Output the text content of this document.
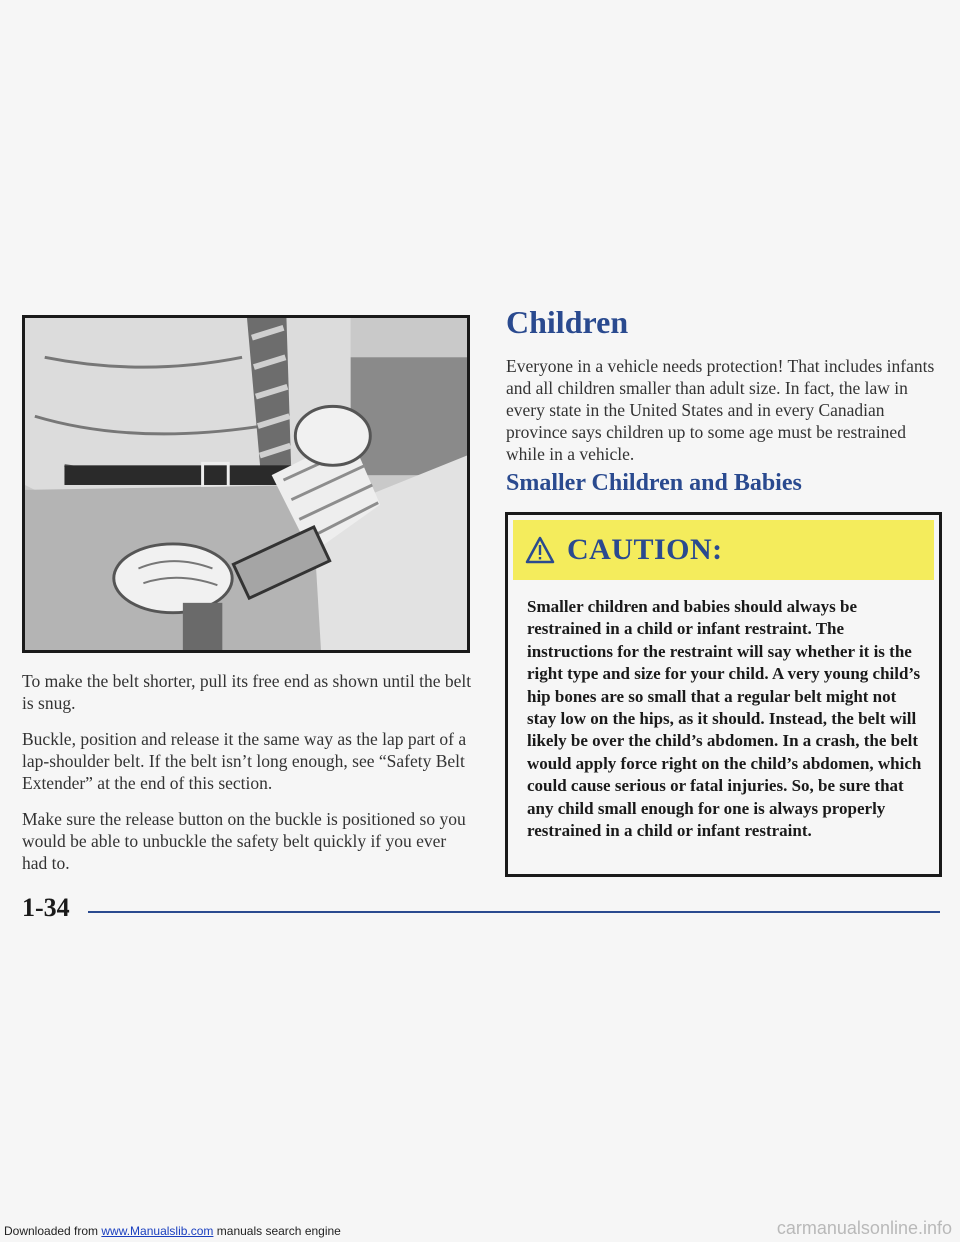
To make the belt shorter, pull its free end as shown until the belt is snug.

Buckle, position and release it the same way as the lap part of a lap-shoulder belt. If the belt isn’t long enough, see “Safety Belt Extender” at the end of this section.

Make sure the release button on the buckle is positioned so you would be able to unbuckle the safety belt quickly if you ever had to.

Children

Everyone in a vehicle needs protection! That includes infants and all children smaller than adult size. In fact, the law in every state in the United States and in every Canadian province says children up to some age must be restrained while in a vehicle.

Smaller Children and Babies
CAUTION:

Smaller children and babies should always be restrained in a child or infant restraint. The instructions for the restraint will say whether it is the right type and size for your child. A very young child’s hip bones are so small that a regular belt might not stay low on the hips, as it should. Instead, the belt will likely be over the child’s abdomen. In a crash, the belt would apply force right on the child’s abdomen, which could cause serious or fatal injuries. So, be sure that any child small enough for one is always properly restrained in a child or infant restraint.

1-34
Downloaded from www.Manualslib.com manuals search engine	carmanualsonline.info
